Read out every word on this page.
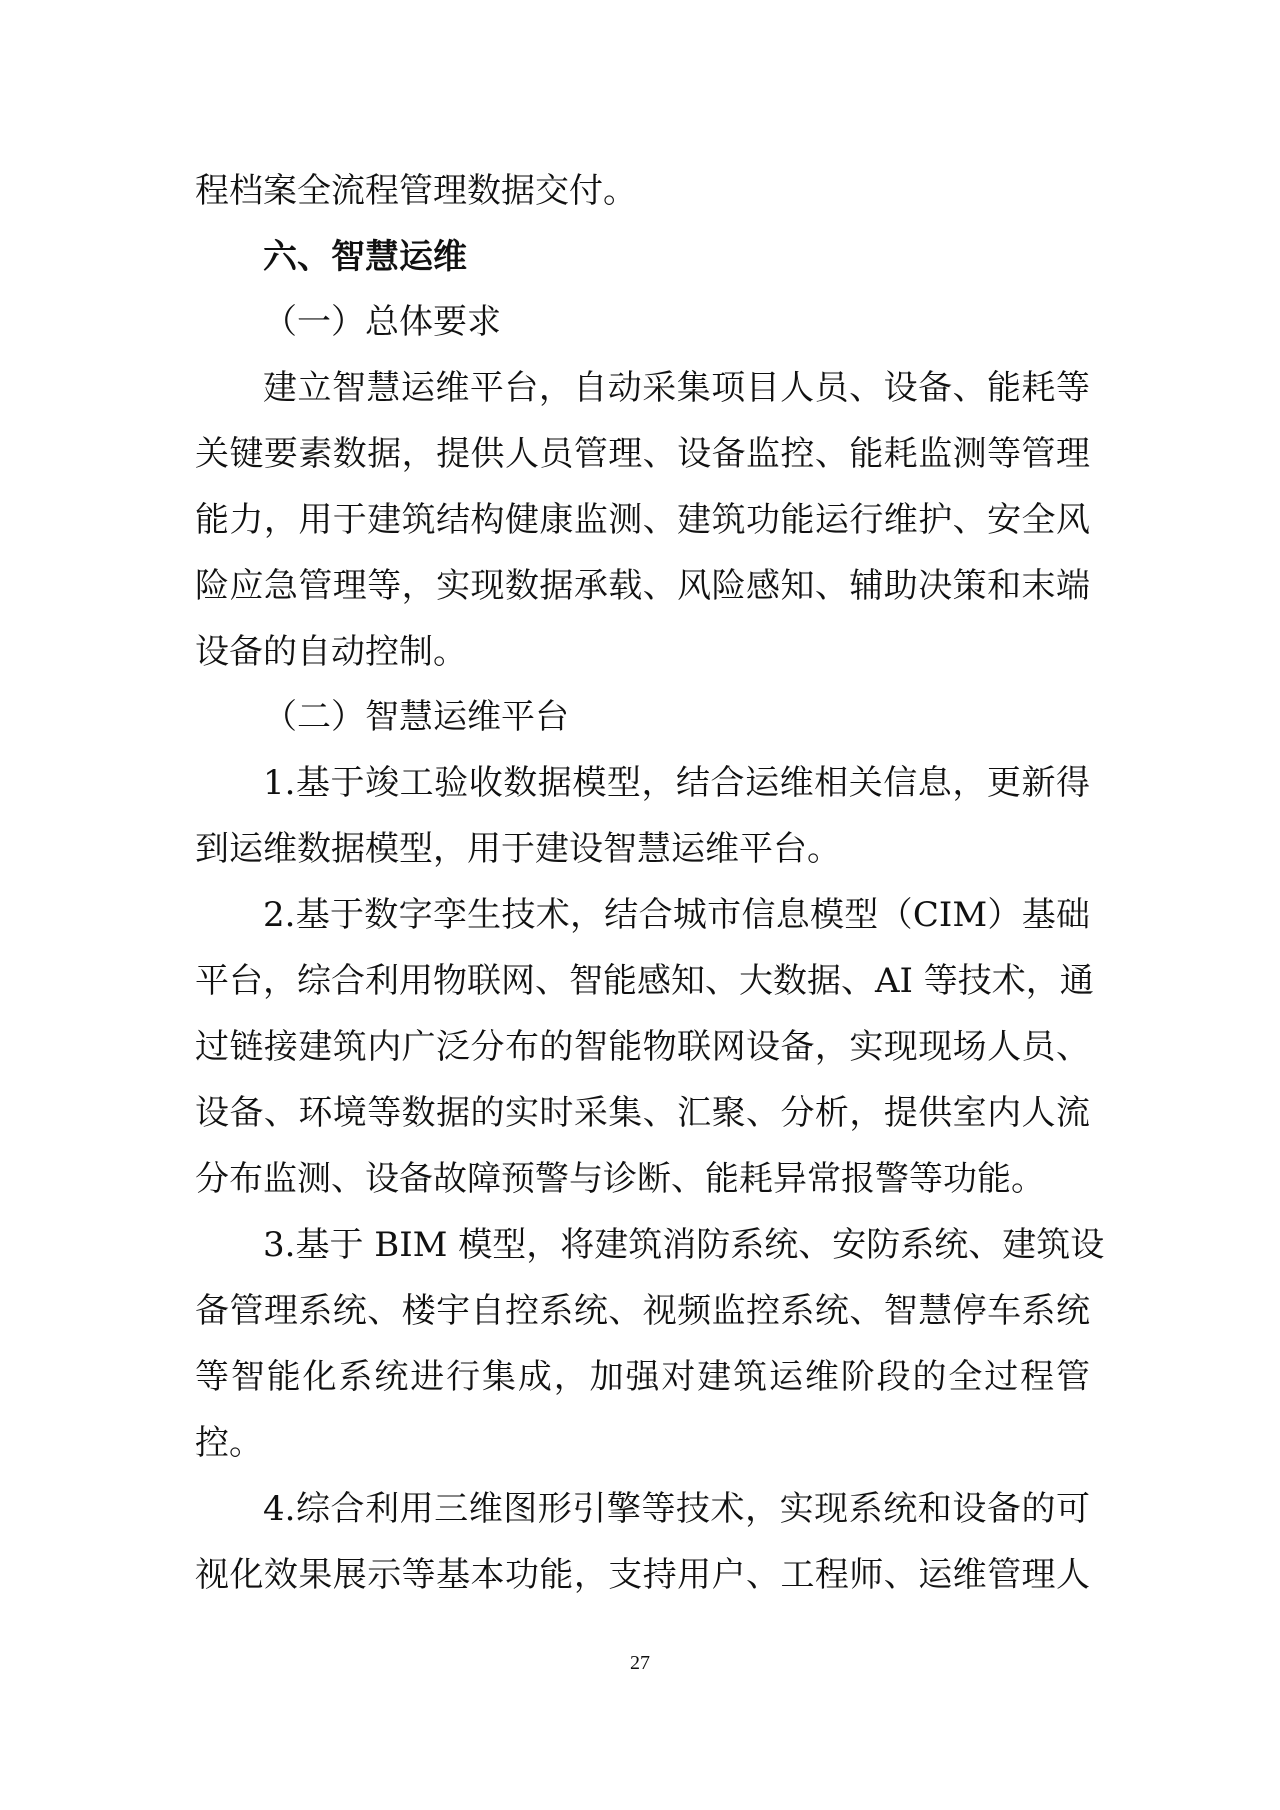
程档案全流程管理数据交付。
六、智慧运维
（一）总体要求
建立智慧运维平台，自动采集项目人员、设备、能耗等
关键要素数据，提供人员管理、设备监控、能耗监测等管理
能力，用于建筑结构健康监测、建筑功能运行维护、安全风
险应急管理等，实现数据承载、风险感知、辅助决策和末端
设备的自动控制。
（二）智慧运维平台
1.基于竣工验收数据模型，结合运维相关信息，更新得
到运维数据模型，用于建设智慧运维平台。
2.基于数字孪生技术，结合城市信息模型（CIM）基础
平台，综合利用物联网、智能感知、大数据、AI 等技术，通
过链接建筑内广泛分布的智能物联网设备，实现现场人员、
设备、环境等数据的实时采集、汇聚、分析，提供室内人流
分布监测、设备故障预警与诊断、能耗异常报警等功能。
3.基于 BIM 模型，将建筑消防系统、安防系统、建筑设
备管理系统、楼宇自控系统、视频监控系统、智慧停车系统
等智能化系统进行集成，加强对建筑运维阶段的全过程管
控。
4.综合利用三维图形引擎等技术，实现系统和设备的可
视化效果展示等基本功能，支持用户、工程师、运维管理人
27
